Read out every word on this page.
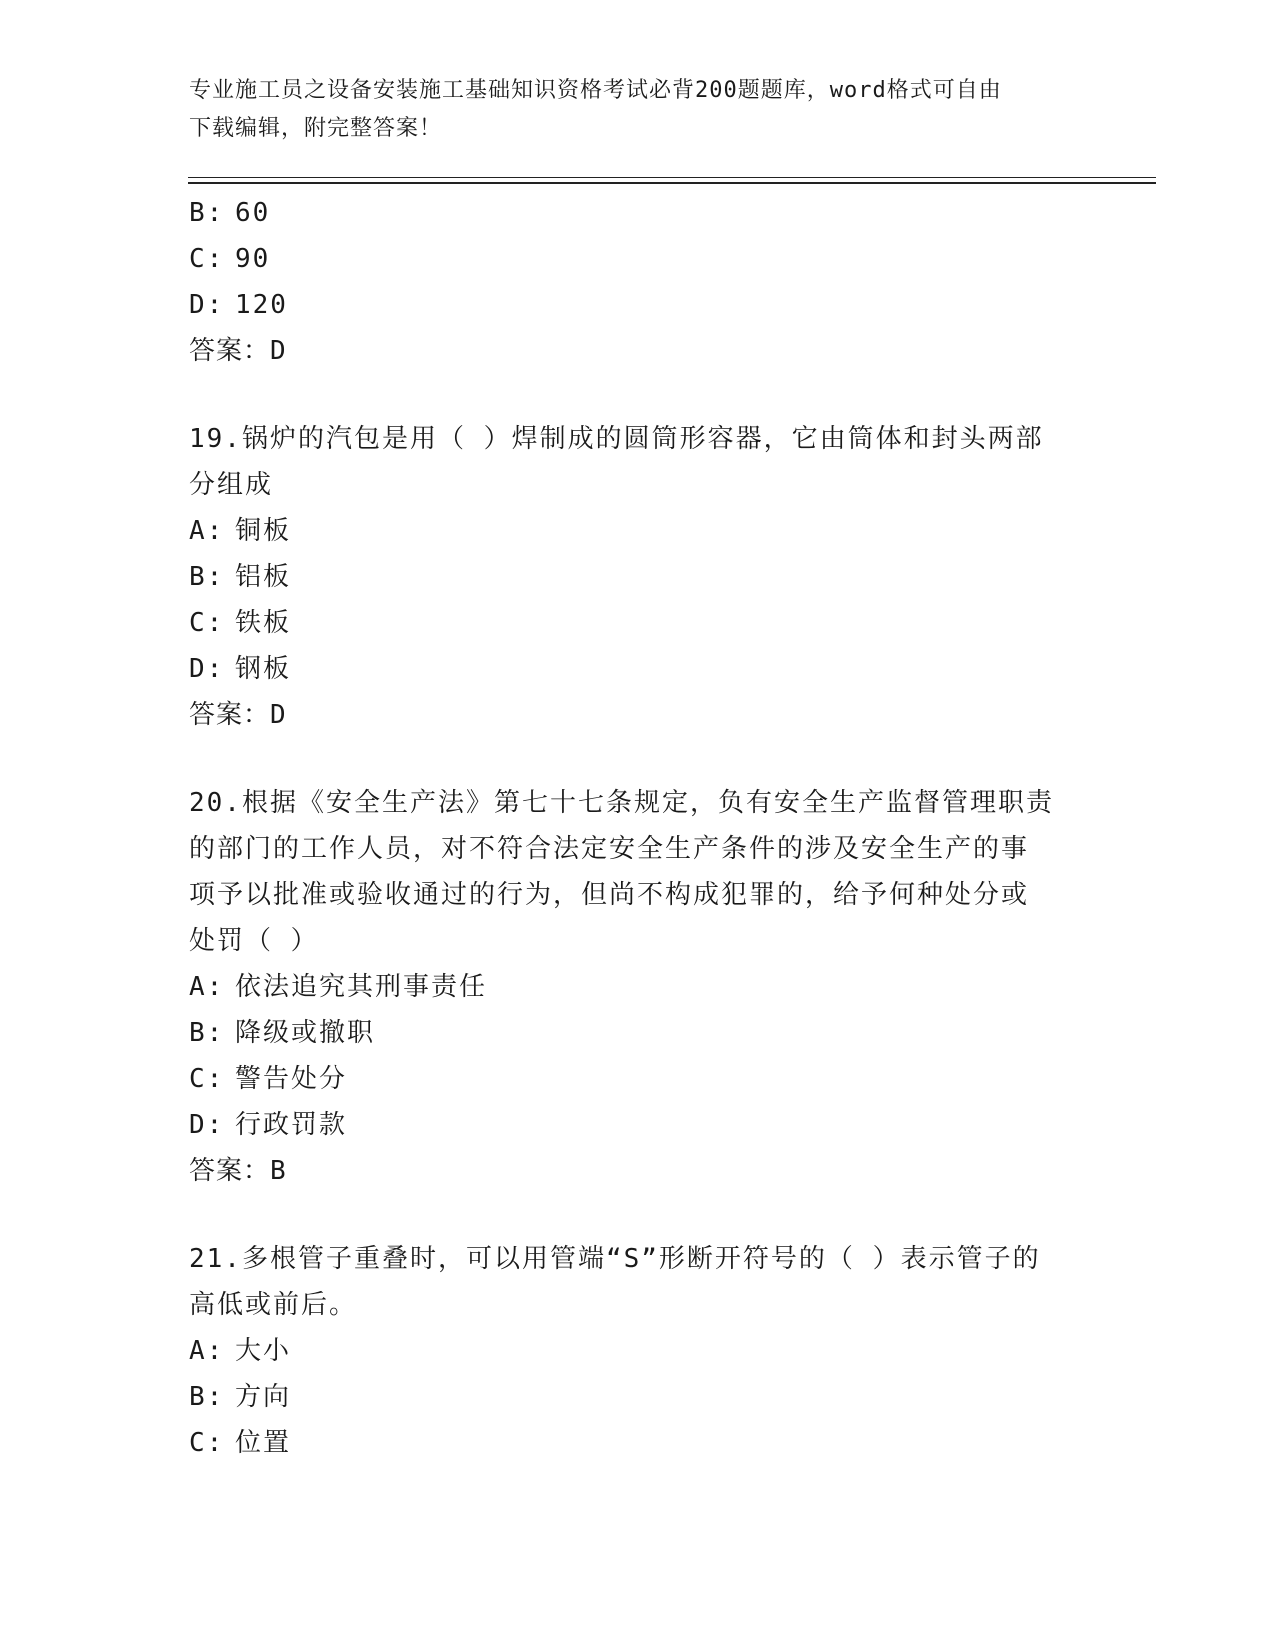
专业施工员之设备安装施工基础知识资格考试必背200题题库，word格式可自由
下载编辑，附完整答案！
B: 60
C: 90
D: 120
答案：D
19.锅炉的汽包是用（ ）焊制成的圆筒形容器，它由筒体和封头两部
分组成
A: 铜板
B: 铝板
C: 铁板
D: 钢板
答案：D
20.根据《安全生产法》第七十七条规定，负有安全生产监督管理职责
的部门的工作人员，对不符合法定安全生产条件的涉及安全生产的事
项予以批准或验收通过的行为，但尚不构成犯罪的，给予何种处分或
处罚（ ）
A: 依法追究其刑事责任
B: 降级或撤职
C: 警告处分
D: 行政罚款
答案：B
21.多根管子重叠时，可以用管端“S”形断开符号的（ ）表示管子的
高低或前后。
A: 大小
B: 方向
C: 位置
